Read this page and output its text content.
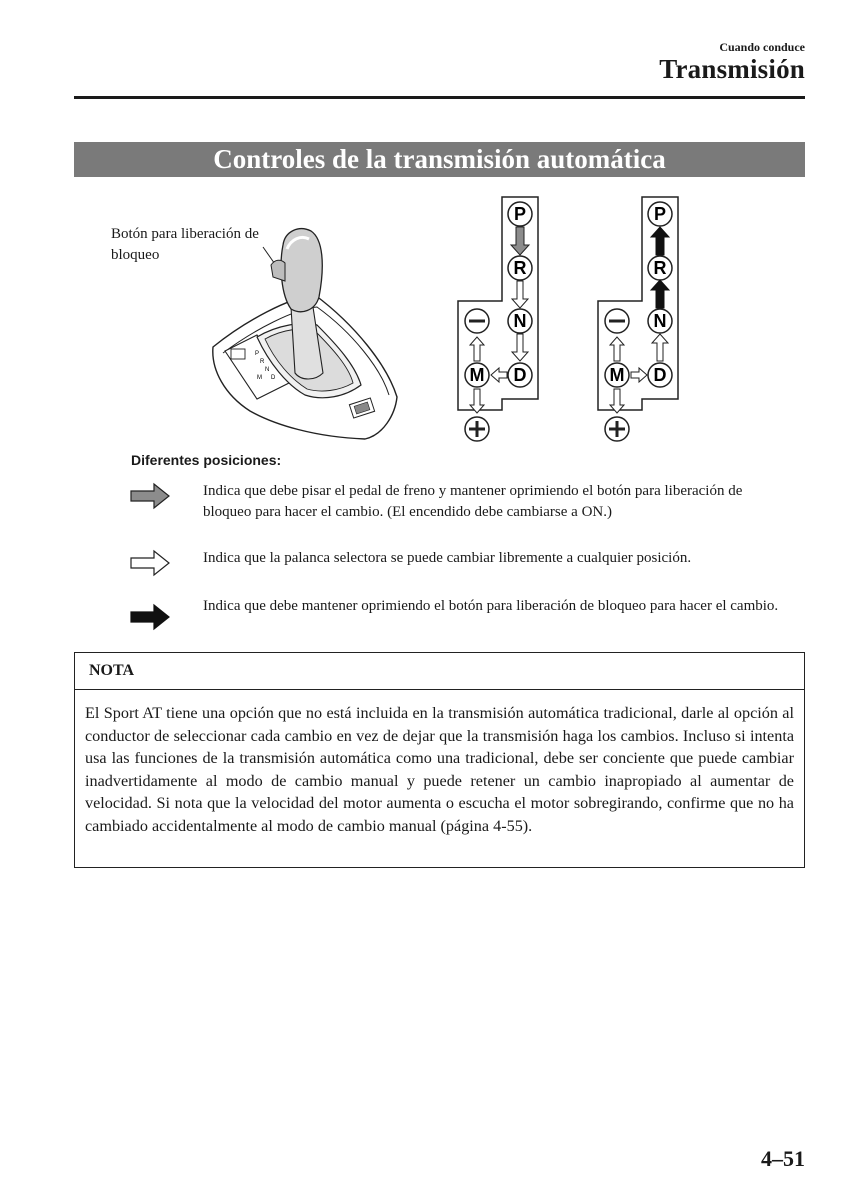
Cuando conduce
Transmisión
Controles de la transmisión automática
Botón para liberación de bloqueo
P
R
N
D
M
P
R
N
M D
P
R
N
M D
Diferentes posiciones:
Indica que debe pisar el pedal de freno y mantener oprimiendo el botón para liberación de bloqueo para hacer el cambio. (El encendido debe cambiarse a ON.)
Indica que la palanca selectora se puede cambiar libremente a cualquier posición.
Indica que debe mantener oprimiendo el botón para liberación de bloqueo para hacer el cambio.
NOTA
El Sport AT tiene una opción que no está incluida en la transmisión automática tradicional, darle al opción al conductor de seleccionar cada cambio en vez de dejar que la transmisión haga los cambios. Incluso si intenta usa las funciones de la transmisión automática como una tradicional, debe ser conciente que puede cambiar inadvertidamente al modo de cambio manual y puede retener un cambio inapropiado al aumentar de velocidad. Si nota que la velocidad del motor aumenta o escucha el motor sobregirando, confirme que no ha cambiado accidentalmente al modo de cambio manual (página 4-55).
4–51
